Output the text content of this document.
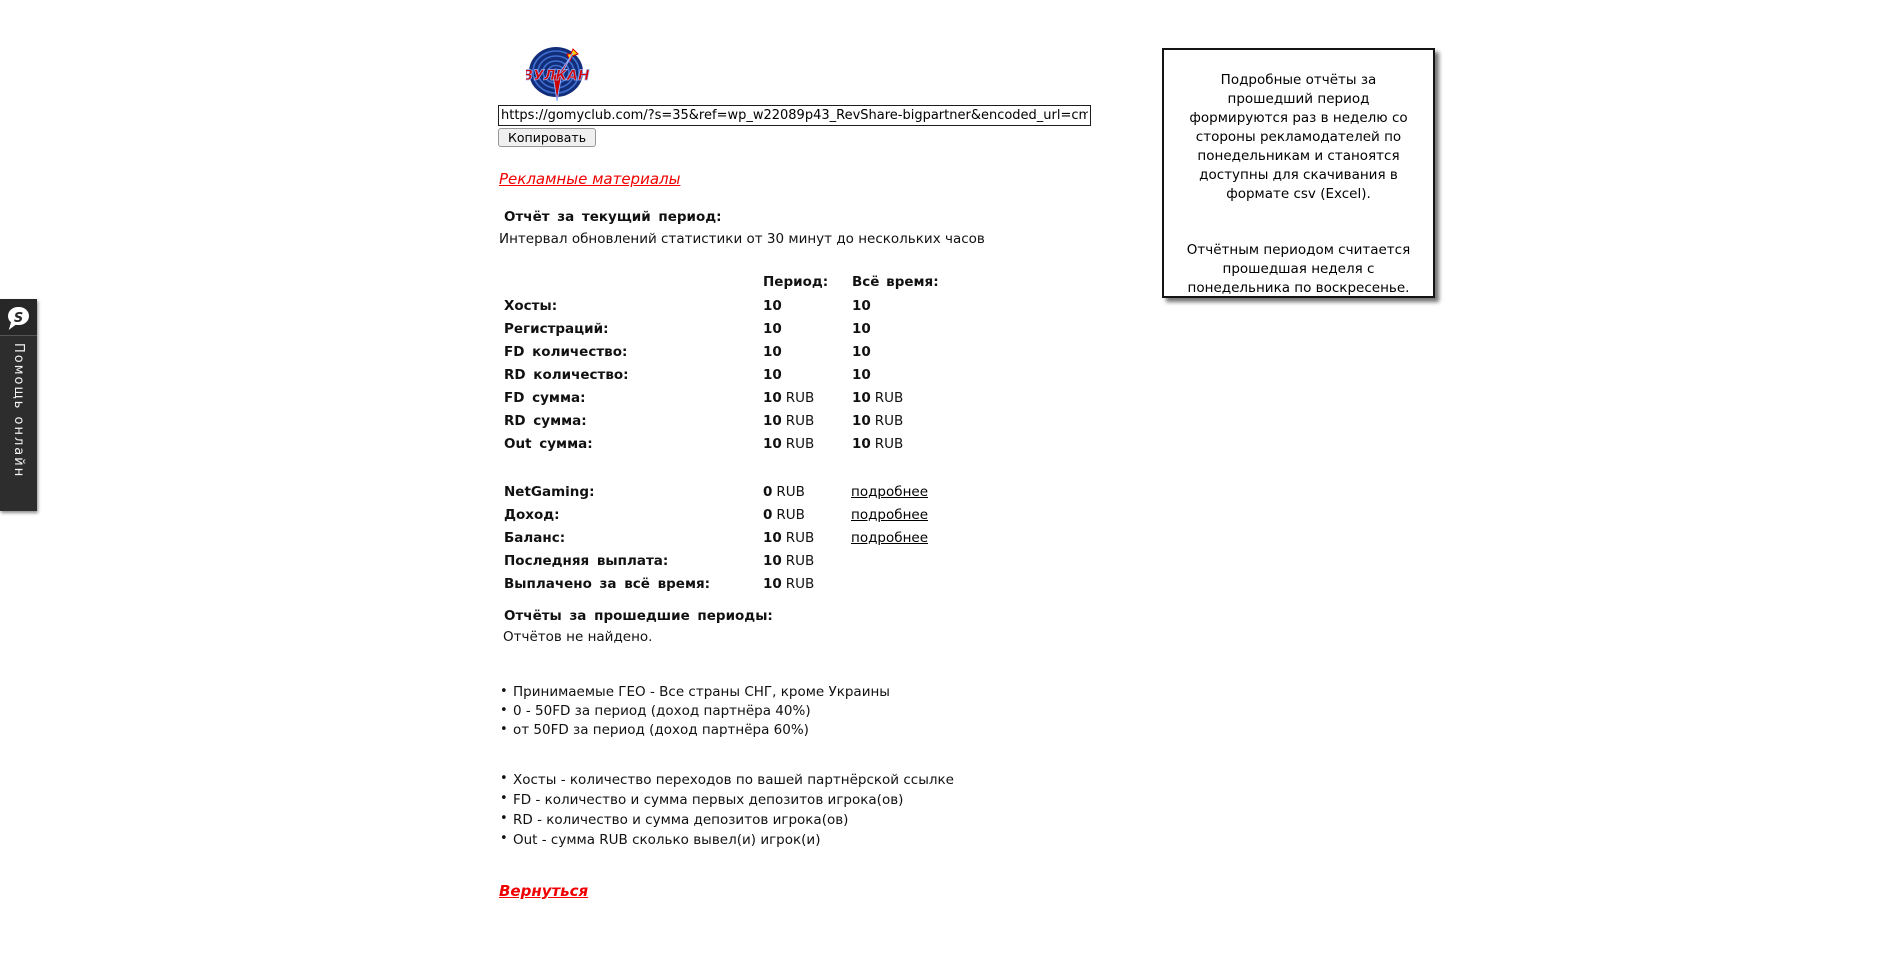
S
Помощь онлайн
ВУЛКАН
https://gomyclub.com/?s=35&ref=wp_w22089p43_RevShare-bigpartner&encoded_url=cmVnaXN
Копировать
Рекламные материалы
Отчёт за текущий период:
Интервал обновлений статистики от 30 минут до нескольких часов
Период:	Всё время:
Хосты:	10	10
Регистраций:	10	10
FD количество:	10	10
RD количество:	10	10
FD сумма:	10 RUB	10 RUB
RD сумма:	10 RUB	10 RUB
Out сумма:	10 RUB	10 RUB
NetGaming:	0 RUB	подробнее
Доход:	0 RUB	подробнее
Баланс:	10 RUB	подробнее
Последняя выплата:	10 RUB
Выплачено за всё время:	10 RUB
Отчёты за прошедшие периоды:
Отчётов не найдено.
• Принимаемые ГЕО - Все страны СНГ, кроме Украины
• 0 - 50FD за период (доход партнёра 40%)
• от 50FD за период (доход партнёра 60%)
• Хосты - количество переходов по вашей партнёрской ссылке
• FD - количество и сумма первых депозитов игрока(ов)
• RD - количество и сумма депозитов игрока(ов)
• Out - сумма RUB сколько вывел(и) игрок(и)
Вернуться

Подробные отчёты за прошедший период формируются раз в неделю со стороны рекламодателей по понедельникам и станоятся доступны для скачивания в формате csv (Excel).

Отчётным периодом считается прошедшая неделя с понедельника по воскресенье.
